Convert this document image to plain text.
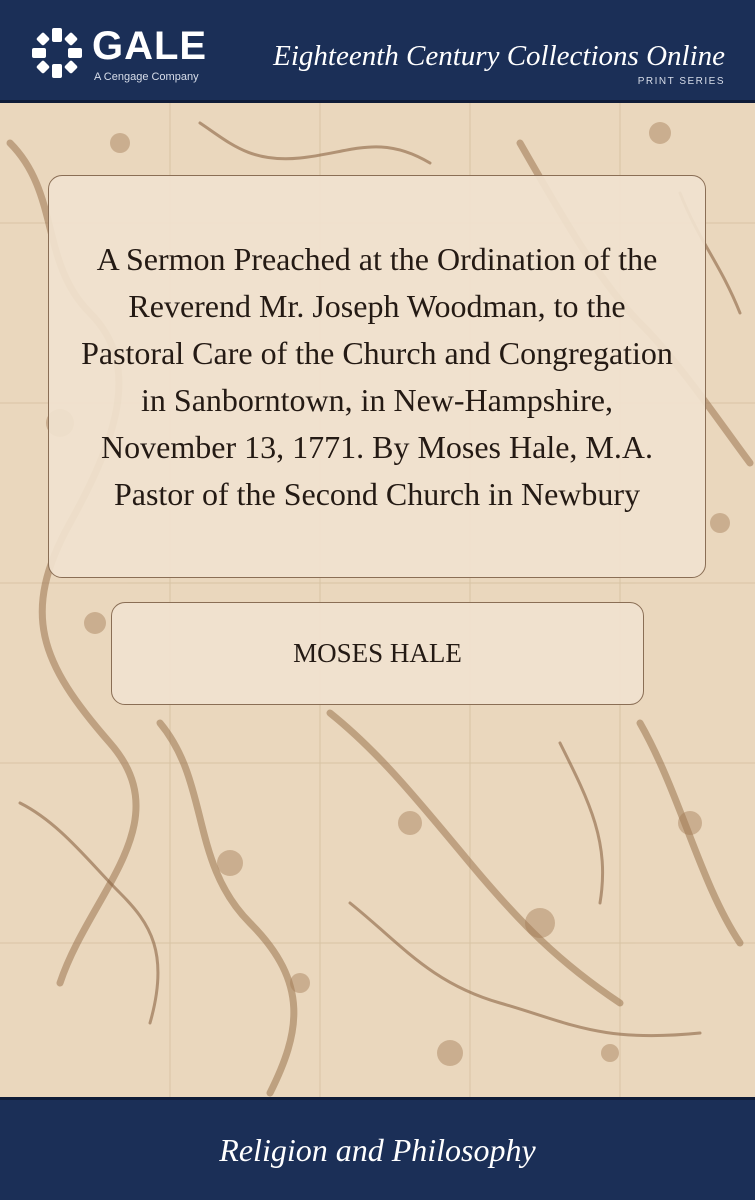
GALE
A Cengage Company
Eighteenth Century Collections Online
PRINT SERIES
A Sermon Preached at the Ordination of the Reverend Mr. Joseph Woodman, to the Pastoral Care of the Church and Congregation in Sanborntown, in New-Hampshire, November 13, 1771. By Moses Hale, M.A. Pastor of the Second Church in Newbury
MOSES HALE
Religion and Philosophy
